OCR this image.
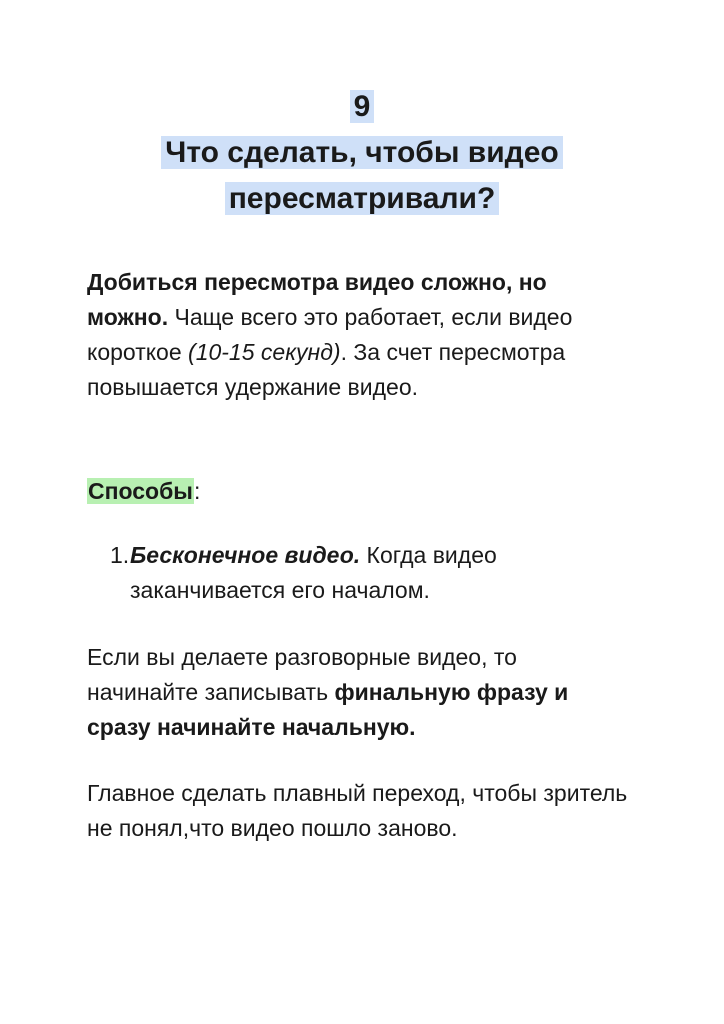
9
Что сделать, чтобы видео
пересматривали?
Добиться пересмотра видео сложно, но можно. Чаще всего это работает, если видео короткое (10-15 секунд). За счет пересмотра повышается удержание видео.
Способы:
1. Бесконечное видео. Когда видео заканчивается его началом.
Если вы делаете разговорные видео, то начинайте записывать финальную фразу и сразу начинайте начальную.
Главное сделать плавный переход, чтобы зритель не понял,что видео пошло заново.
